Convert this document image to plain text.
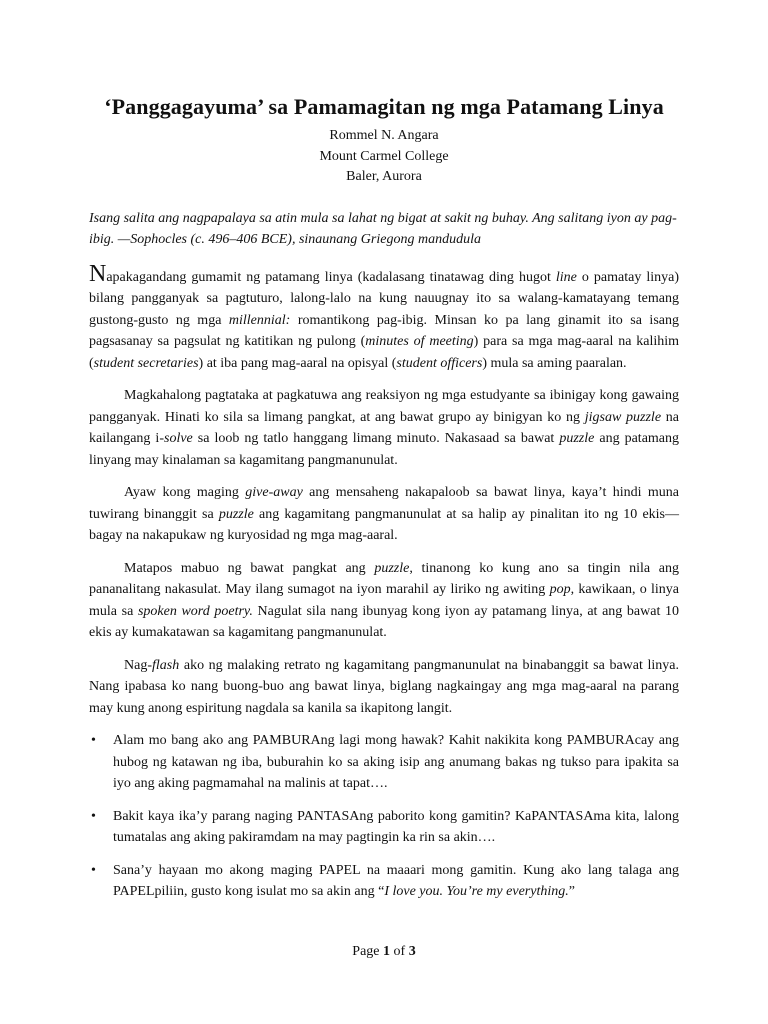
‘Panggagayuma’ sa Pamamagitan ng mga Patamang Linya

Rommel N. Angara

Mount Carmel College

Baler, Aurora

Isang salita ang nagpapalaya sa atin mula sa lahat ng bigat at sakit ng buhay. Ang salitang iyon ay pag-ibig. —Sophocles (c. 496–406 BCE), sinaunang Griegong mandudula

Napakagandang gumamit ng patamang linya (kadalasang tinatawag ding hugot line o pamatay linya) bilang pangganyak sa pagtuturo, lalong-lalo na kung nauugnay ito sa walang-kamatayang temang gustong-gusto ng mga millennial: romantikong pag-ibig. Minsan ko pa lang ginamit ito sa isang pagsasanay sa pagsulat ng katitikan ng pulong (minutes of meeting) para sa mga mag-aaral na kalihim (student secretaries) at iba pang mag-aaral na opisyal (student officers) mula sa aming paaralan.

Magkahalong pagtataka at pagkatuwa ang reaksiyon ng mga estudyante sa ibinigay kong gawaing pangganyak. Hinati ko sila sa limang pangkat, at ang bawat grupo ay binigyan ko ng jigsaw puzzle na kailangang i-solve sa loob ng tatlo hanggang limang minuto. Nakasaad sa bawat puzzle ang patamang linyang may kinalaman sa kagamitang pangmanunulat.

Ayaw kong maging give-away ang mensaheng nakapaloob sa bawat linya, kaya’t hindi muna tuwirang binanggit sa puzzle ang kagamitang pangmanunulat at sa halip ay pinalitan ito ng 10 ekis—bagay na nakapukaw ng kuryosidad ng mga mag-aaral.

Matapos mabuo ng bawat pangkat ang puzzle, tinanong ko kung ano sa tingin nila ang pananalitang nakasulat. May ilang sumagot na iyon marahil ay liriko ng awiting pop, kawikaan, o linya mula sa spoken word poetry. Nagulat sila nang ibunyag kong iyon ay patamang linya, at ang bawat 10 ekis ay kumakatawan sa kagamitang pangmanunulat.

Nag-flash ako ng malaking retrato ng kagamitang pangmanunulat na binabanggit sa bawat linya. Nang ipabasa ko nang buong-buo ang bawat linya, biglang nagkaingay ang mga mag-aaral na parang may kung anong espiritung nagdala sa kanila sa ikapitong langit.

• Alam mo bang ako ang PAMBURAng lagi mong hawak? Kahit nakikita kong PAMBURAcay ang hubog ng katawan ng iba, buburahin ko sa aking isip ang anumang bakas ng tukso para ipakita sa iyo ang aking pagmamahal na malinis at tapat….
• Bakit kaya ika’y parang naging PANTASAng paborito kong gamitin? KaPANTASAma kita, lalong tumatalas ang aking pakiramdam na may pagtingin ka rin sa akin….
• Sana’y hayaan mo akong maging PAPEL na maaari mong gamitin. Kung ako lang talaga ang PAPELpiliin, gusto kong isulat mo sa akin ang “I love you. You’re my everything.”
Page 1 of 3
